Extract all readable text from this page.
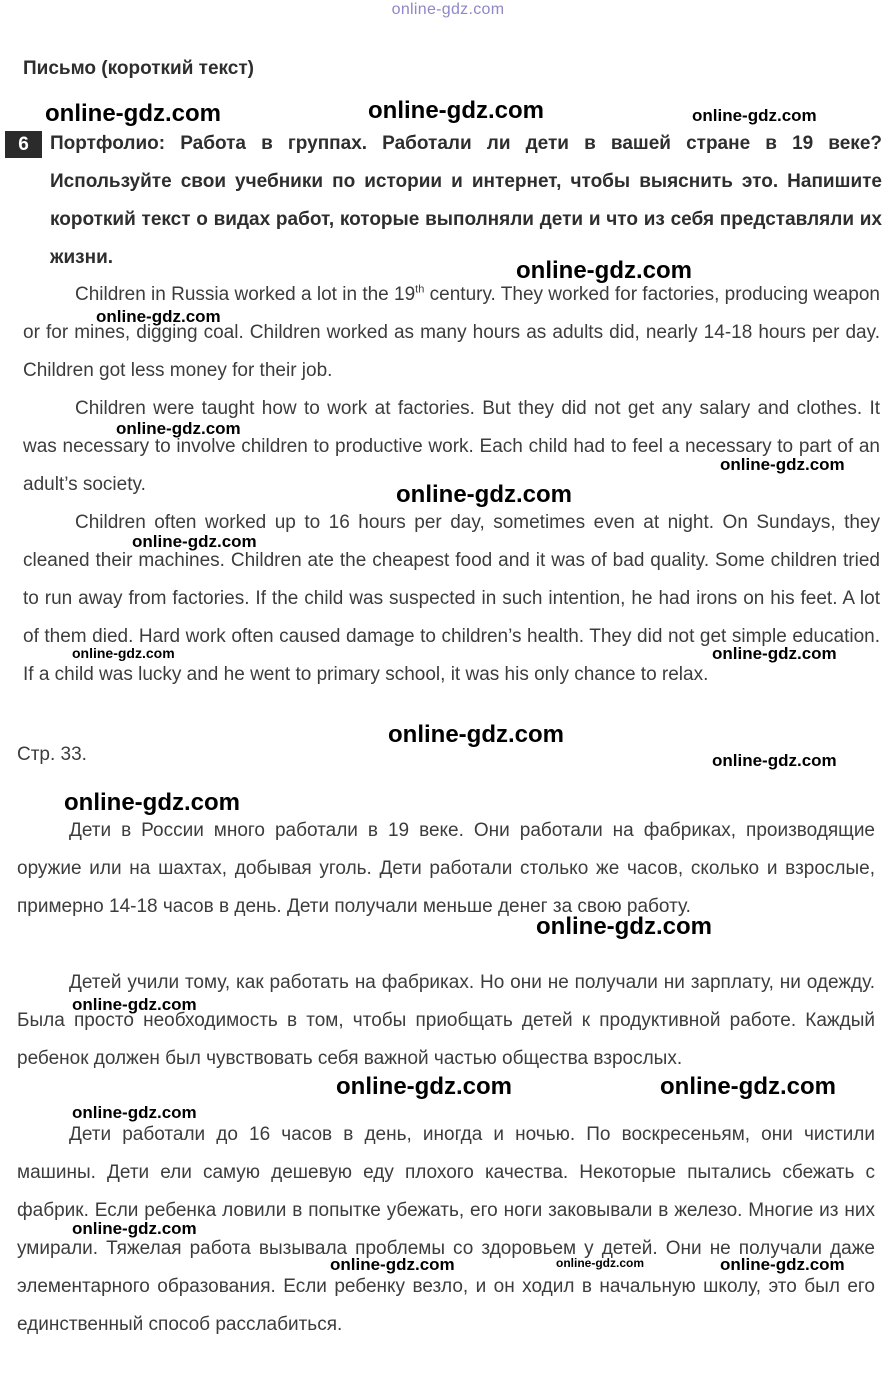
online-gdz.com
Письмо (короткий текст)
6	Портфолио: Работа в группах. Работали ли дети в вашей стране в 19 веке? Используйте свои учебники по истории и интернет, чтобы выяснить это. Напишите короткий текст о видах работ, которые выполняли дети и что из себя представляли их жизни.
Children in Russia worked a lot in the 19th century. They worked for factories, producing weapon or for mines, digging coal. Children worked as many hours as adults did, nearly 14-18 hours per day. Children got less money for their job.
Children were taught how to work at factories. But they did not get any salary and clothes. It was necessary to involve children to productive work. Each child had to feel a necessary to part of an adult’s society.
Children often worked up to 16 hours per day, sometimes even at night. On Sundays, they cleaned their machines. Children ate the cheapest food and it was of bad quality. Some children tried to run away from factories. If the child was suspected in such intention, he had irons on his feet. A lot of them died. Hard work often caused damage to children’s health. They did not get simple education. If a child was lucky and he went to primary school, it was his only chance to relax.
Стр. 33.
Дети в России много работали в 19 веке. Они работали на фабриках, производящие оружие или на шахтах, добывая уголь. Дети работали столько же часов, сколько и взрослые, примерно 14-18 часов в день. Дети получали меньше денег за свою работу.
Детей учили тому, как работать на фабриках. Но они не получали ни зарплату, ни одежду. Была просто необходимость в том, чтобы приобщать детей к продуктивной работе. Каждый ребенок должен был чувствовать себя важной частью общества взрослых.
Дети работали до 16 часов в день, иногда и ночью. По воскресеньям, они чистили машины. Дети ели самую дешевую еду плохого качества. Некоторые пытались сбежать с фабрик. Если ребенка ловили в попытке убежать, его ноги заковывали в железо. Многие из них умирали. Тяжелая работа вызывала проблемы со здоровьем у детей. Они не получали даже элементарного образования. Если ребенку везло, и он ходил в начальную школу, это был его единственный способ расслабиться.
online-gdz.com	online-gdz.com	online-gdz.com
online-gdz.com
online-gdz.com
online-gdz.com
online-gdz.com
online-gdz.com
online-gdz.com
online-gdz.com	online-gdz.com
online-gdz.com
online-gdz.com
online-gdz.com
online-gdz.com
online-gdz.com
online-gdz.com	online-gdz.com
online-gdz.com
online-gdz.com
online-gdz.com	online-gdz.com	online-gdz.com
